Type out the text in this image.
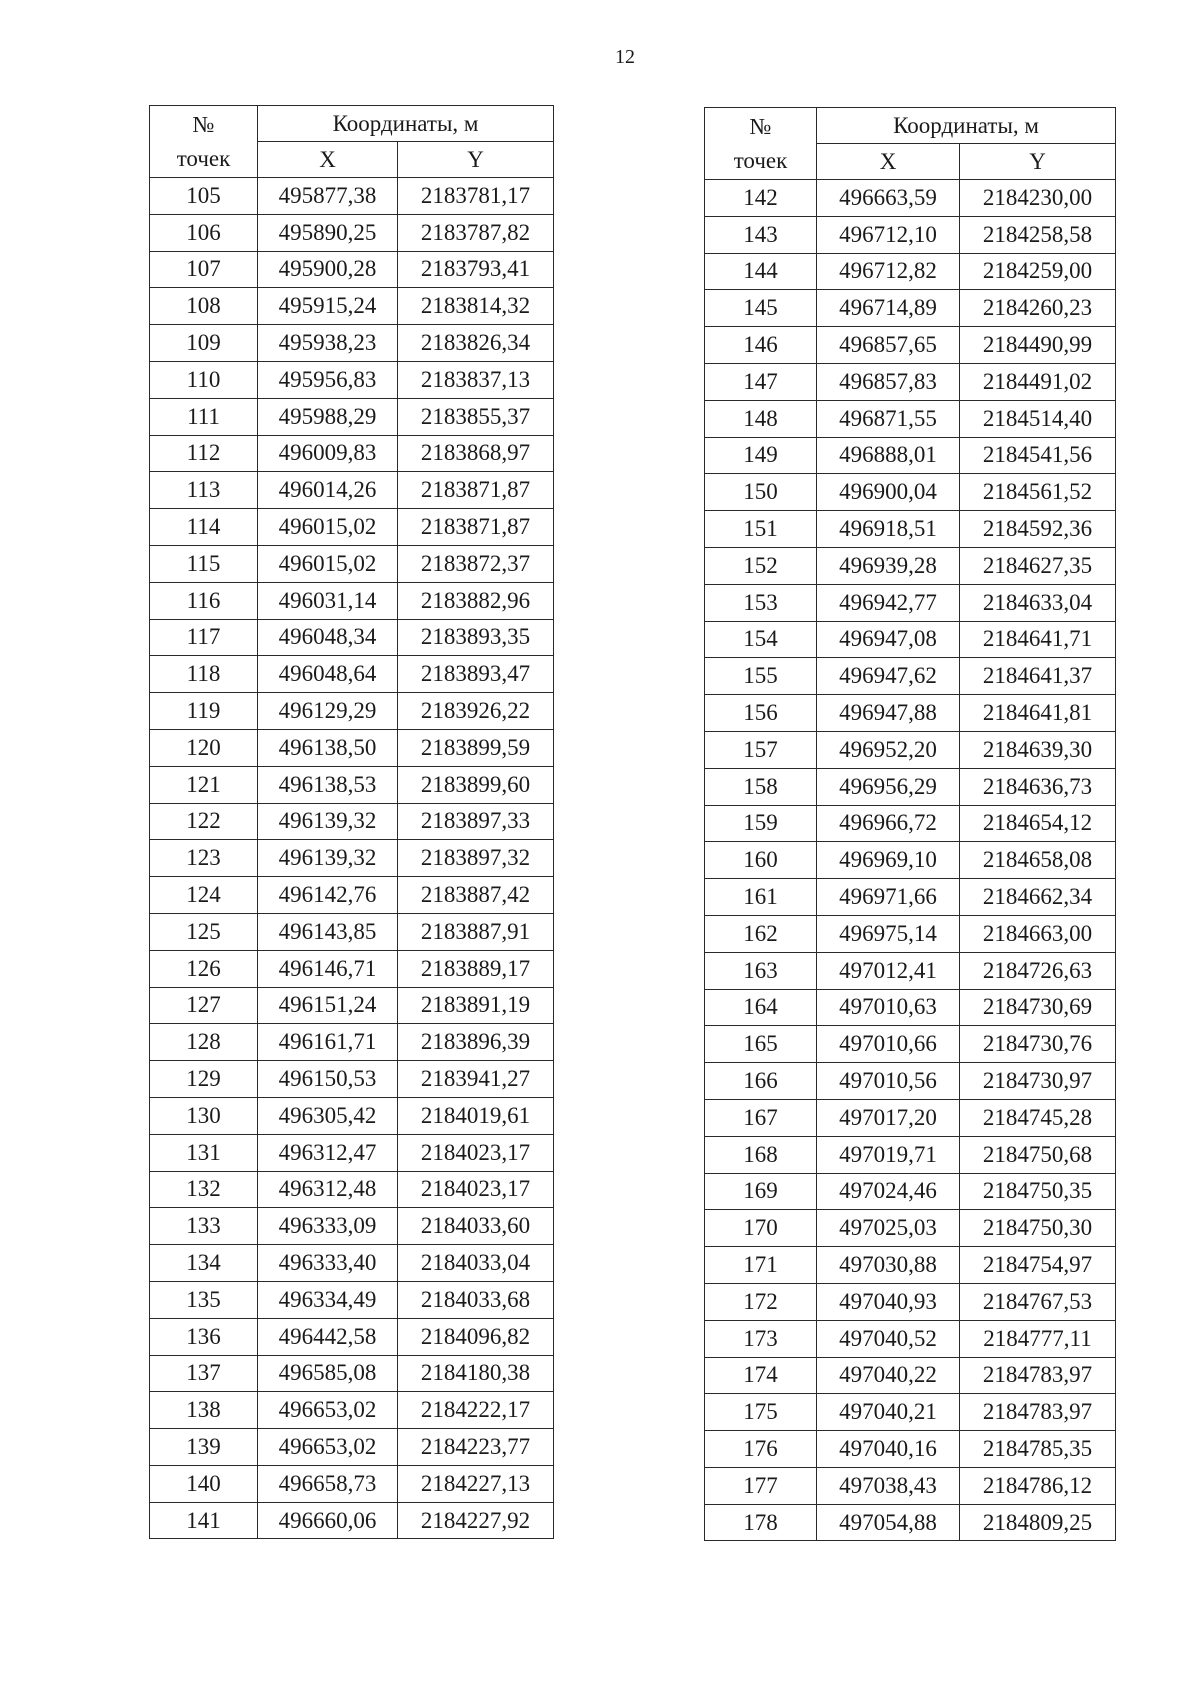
12
№
точек	Координаты, м	
	X	Y
105	495877,38	2183781,17
106	495890,25	2183787,82
107	495900,28	2183793,41
108	495915,24	2183814,32
109	495938,23	2183826,34
110	495956,83	2183837,13
111	495988,29	2183855,37
112	496009,83	2183868,97
113	496014,26	2183871,87
114	496015,02	2183871,87
115	496015,02	2183872,37
116	496031,14	2183882,96
117	496048,34	2183893,35
118	496048,64	2183893,47
119	496129,29	2183926,22
120	496138,50	2183899,59
121	496138,53	2183899,60
122	496139,32	2183897,33
123	496139,32	2183897,32
124	496142,76	2183887,42
125	496143,85	2183887,91
126	496146,71	2183889,17
127	496151,24	2183891,19
128	496161,71	2183896,39
129	496150,53	2183941,27
130	496305,42	2184019,61
131	496312,47	2184023,17
132	496312,48	2184023,17
133	496333,09	2184033,60
134	496333,40	2184033,04
135	496334,49	2184033,68
136	496442,58	2184096,82
137	496585,08	2184180,38
138	496653,02	2184222,17
139	496653,02	2184223,77
140	496658,73	2184227,13
141	496660,06	2184227,92
№
точек	Координаты, м	
	X	Y
142	496663,59	2184230,00
143	496712,10	2184258,58
144	496712,82	2184259,00
145	496714,89	2184260,23
146	496857,65	2184490,99
147	496857,83	2184491,02
148	496871,55	2184514,40
149	496888,01	2184541,56
150	496900,04	2184561,52
151	496918,51	2184592,36
152	496939,28	2184627,35
153	496942,77	2184633,04
154	496947,08	2184641,71
155	496947,62	2184641,37
156	496947,88	2184641,81
157	496952,20	2184639,30
158	496956,29	2184636,73
159	496966,72	2184654,12
160	496969,10	2184658,08
161	496971,66	2184662,34
162	496975,14	2184663,00
163	497012,41	2184726,63
164	497010,63	2184730,69
165	497010,66	2184730,76
166	497010,56	2184730,97
167	497017,20	2184745,28
168	497019,71	2184750,68
169	497024,46	2184750,35
170	497025,03	2184750,30
171	497030,88	2184754,97
172	497040,93	2184767,53
173	497040,52	2184777,11
174	497040,22	2184783,97
175	497040,21	2184783,97
176	497040,16	2184785,35
177	497038,43	2184786,12
178	497054,88	2184809,25
